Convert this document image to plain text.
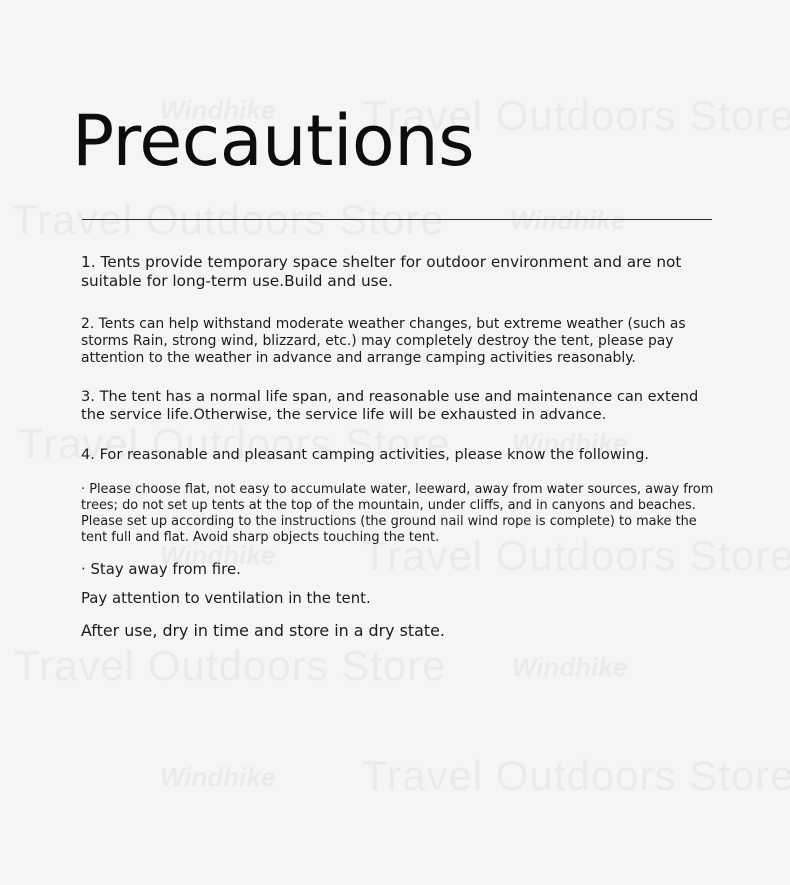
Precautions

1. Tents provide temporary space shelter for outdoor environment and are not suitable for long-term use.Build and use.

2. Tents can help withstand moderate weather changes, but extreme weather (such as storms Rain, strong wind, blizzard, etc.) may completely destroy the tent, please pay attention to the weather in advance and arrange camping activities reasonably.

3. The tent has a normal life span, and reasonable use and maintenance can extend the service life.Otherwise, the service life will be exhausted in advance.

4. For reasonable and pleasant camping activities, please know the following.

· Please choose flat, not easy to accumulate water, leeward, away from water sources, away from trees; do not set up tents at the top of the mountain, under cliffs, and in canyons and beaches. Please set up according to the instructions (the ground nail wind rope is complete) to make the tent full and flat. Avoid sharp objects touching the tent.

· Stay away from fire.

Pay attention to ventilation in the tent.

After use, dry in time and store in a dry state.
